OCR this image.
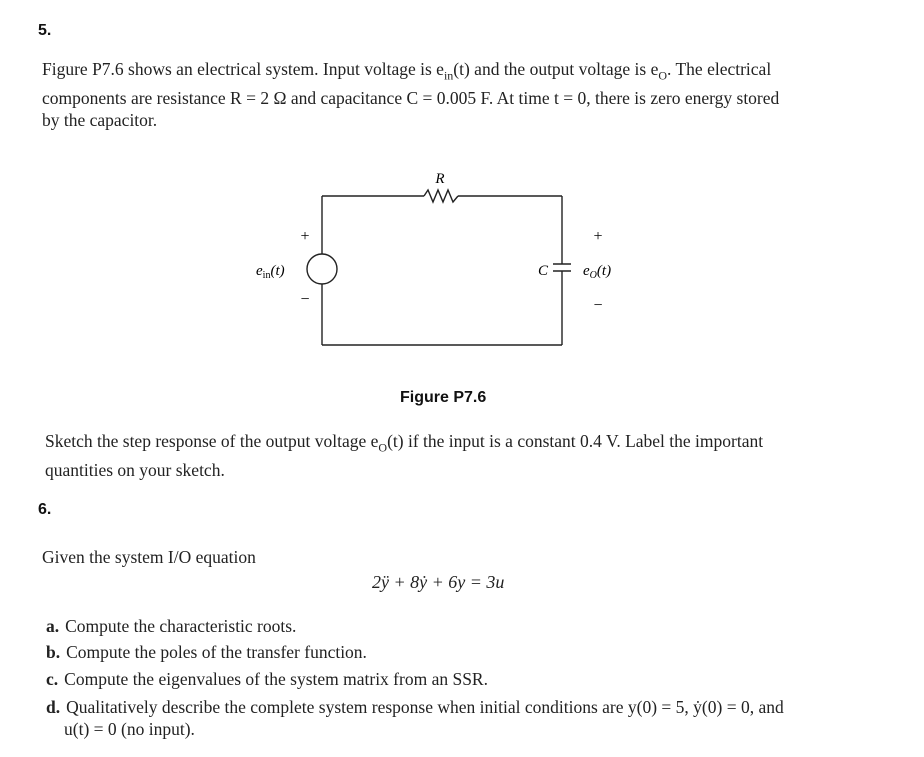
5.
Figure P7.6 shows an electrical system. Input voltage is $e_{in}(t)$ and the output voltage is $e_O$. The electrical
components are resistance R = 2 Ω and capacitance C = 0.005 F. At time t = 0, there is zero energy stored
by the capacitor.
R
C
+
−
$e_{in}(t)$
+
−
$e_O(t)$
Figure P7.6
Sketch the step response of the output voltage $e_O(t)$ if the input is a constant 0.4 V. Label the important
quantities on your sketch.
6.
Given the system I/O equation
2ÿ + 8ẏ + 6y = 3u
a. Compute the characteristic roots.
b. Compute the poles of the transfer function.
c. Compute the eigenvalues of the system matrix from an SSR.
d. Qualitatively describe the complete system response when initial conditions are y(0) = 5, ẏ(0) = 0, and
u(t) = 0 (no input).
